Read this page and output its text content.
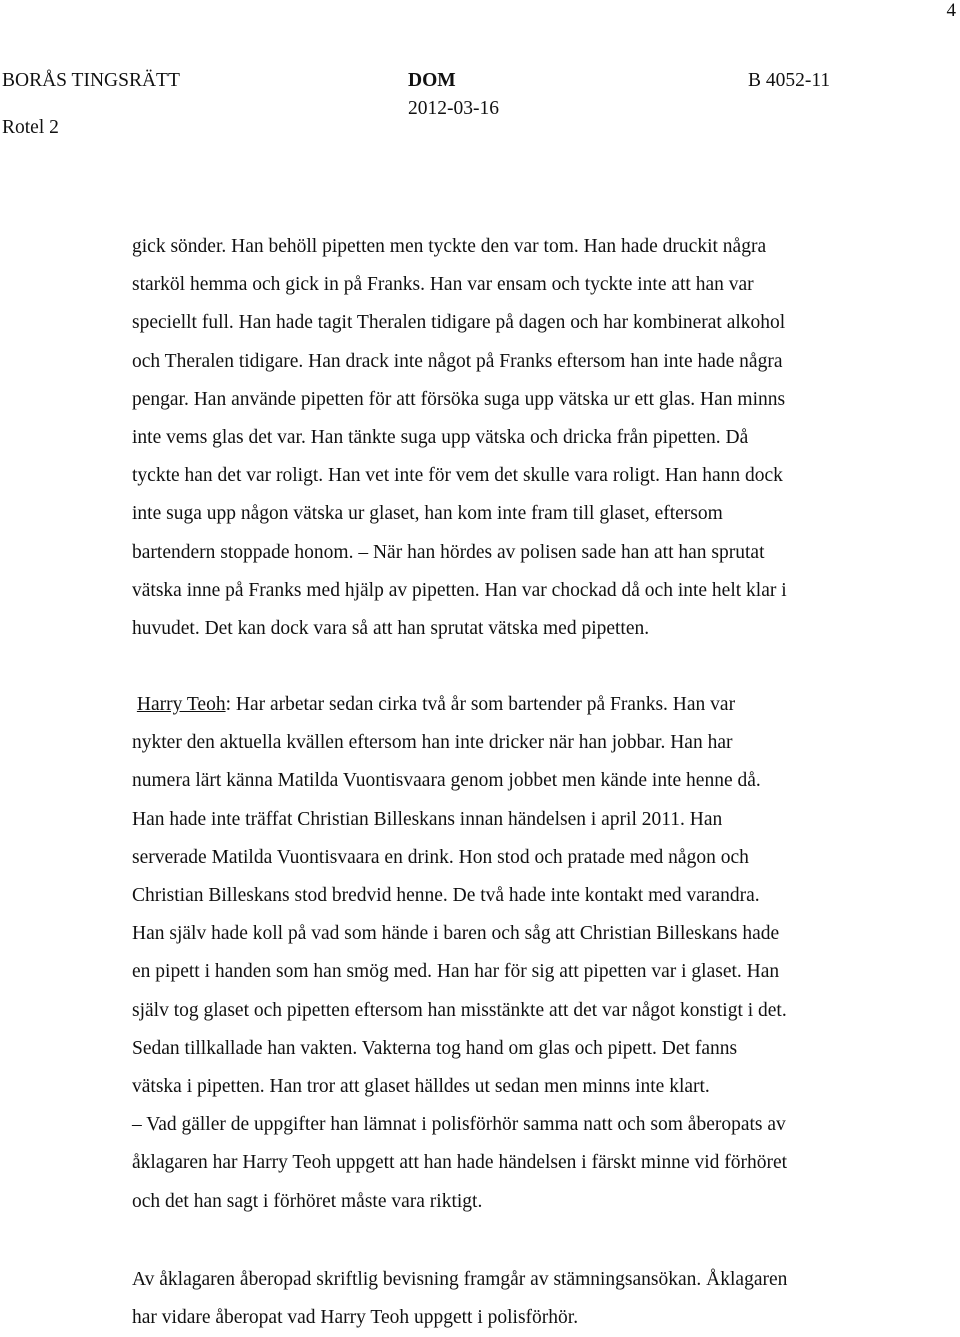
4
BORÅS TINGSRÄTT
Rotel 2
DOM
2012-03-16
B 4052-11
gick sönder. Han behöll pipetten men tyckte den var tom. Han hade druckit några
starköl hemma och gick in på Franks. Han var ensam och tyckte inte att han var
speciellt full. Han hade tagit Theralen tidigare på dagen och har kombinerat alkohol
och Theralen tidigare. Han drack inte något på Franks eftersom han inte hade några
pengar. Han använde pipetten för att försöka suga upp vätska ur ett glas. Han minns
inte vems glas det var. Han tänkte suga upp vätska och dricka från pipetten. Då
tyckte han det var roligt. Han vet inte för vem det skulle vara roligt. Han hann dock
inte suga upp någon vätska ur glaset, han kom inte fram till glaset, eftersom
bartendern stoppade honom. – När han hördes av polisen sade han att han sprutat
vätska inne på Franks med hjälp av pipetten. Han var chockad då och inte helt klar i
huvudet. Det kan dock vara så att han sprutat vätska med pipetten.
Harry Teoh: Har arbetar sedan cirka två år som bartender på Franks. Han var
nykter den aktuella kvällen eftersom han inte dricker när han jobbar. Han har
numera lärt känna Matilda Vuontisvaara genom jobbet men kände inte henne då.
Han hade inte träffat Christian Billeskans innan händelsen i april 2011. Han
serverade Matilda Vuontisvaara en drink. Hon stod och pratade med någon och
Christian Billeskans stod bredvid henne. De två hade inte kontakt med varandra.
Han själv hade koll på vad som hände i baren och såg att Christian Billeskans hade
en pipett i handen som han smög med. Han har för sig att pipetten var i glaset. Han
själv tog glaset och pipetten eftersom han misstänkte att det var något konstigt i det.
Sedan tillkallade han vakten. Vakterna tog hand om glas och pipett. Det fanns
vätska i pipetten. Han tror att glaset hälldes ut sedan men minns inte klart.
– Vad gäller de uppgifter han lämnat i polisförhör samma natt och som åberopats av
åklagaren har Harry Teoh uppgett att han hade händelsen i färskt minne vid förhöret
och det han sagt i förhöret måste vara riktigt.
Av åklagaren åberopad skriftlig bevisning framgår av stämningsansökan. Åklagaren
har vidare åberopat vad Harry Teoh uppgett i polisförhör.
